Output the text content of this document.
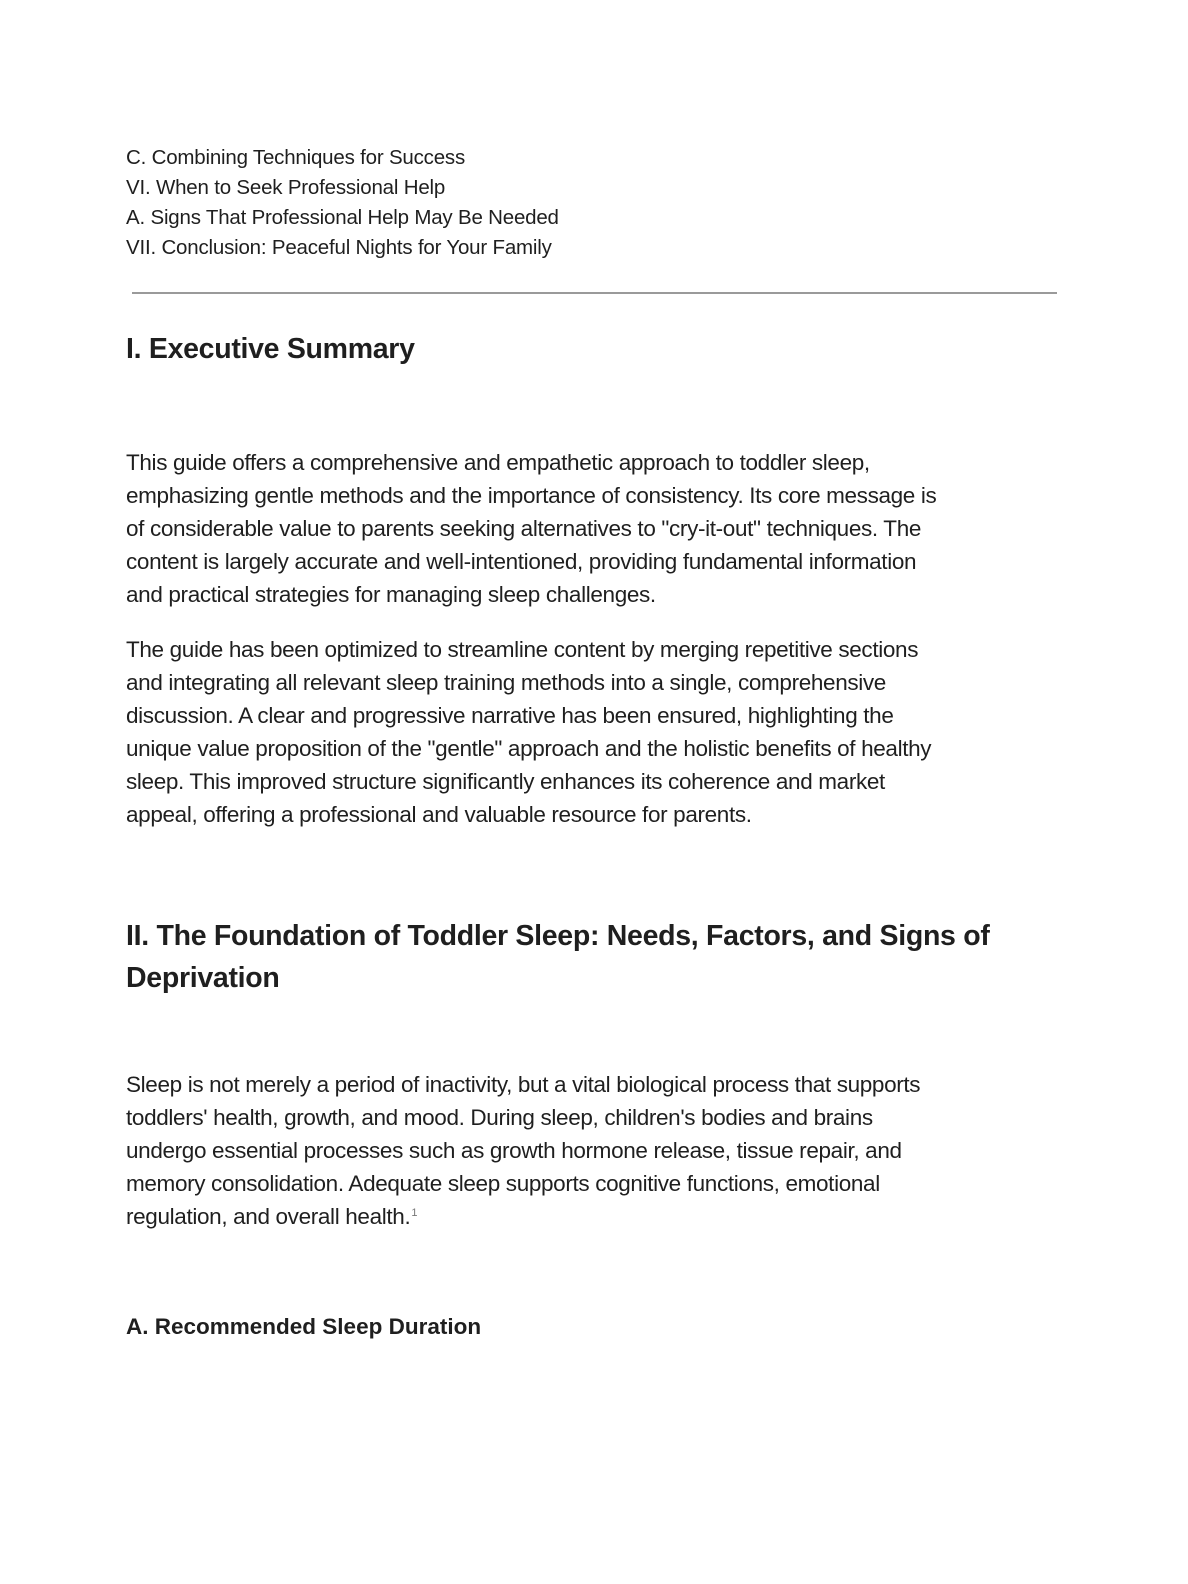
C. Combining Techniques for Success
VI. When to Seek Professional Help
A. Signs That Professional Help May Be Needed
VII. Conclusion: Peaceful Nights for Your Family
I. Executive Summary

This guide offers a comprehensive and empathetic approach to toddler sleep,
emphasizing gentle methods and the importance of consistency. Its core message is
of considerable value to parents seeking alternatives to "cry-it-out" techniques. The
content is largely accurate and well-intentioned, providing fundamental information
and practical strategies for managing sleep challenges.

The guide has been optimized to streamline content by merging repetitive sections
and integrating all relevant sleep training methods into a single, comprehensive
discussion. A clear and progressive narrative has been ensured, highlighting the
unique value proposition of the "gentle" approach and the holistic benefits of healthy
sleep. This improved structure significantly enhances its coherence and market
appeal, offering a professional and valuable resource for parents.

II. The Foundation of Toddler Sleep: Needs, Factors, and Signs of
Deprivation

Sleep is not merely a period of inactivity, but a vital biological process that supports
toddlers' health, growth, and mood. During sleep, children's bodies and brains
undergo essential processes such as growth hormone release, tissue repair, and
memory consolidation. Adequate sleep supports cognitive functions, emotional
regulation, and overall health.$^1$

A. Recommended Sleep Duration
